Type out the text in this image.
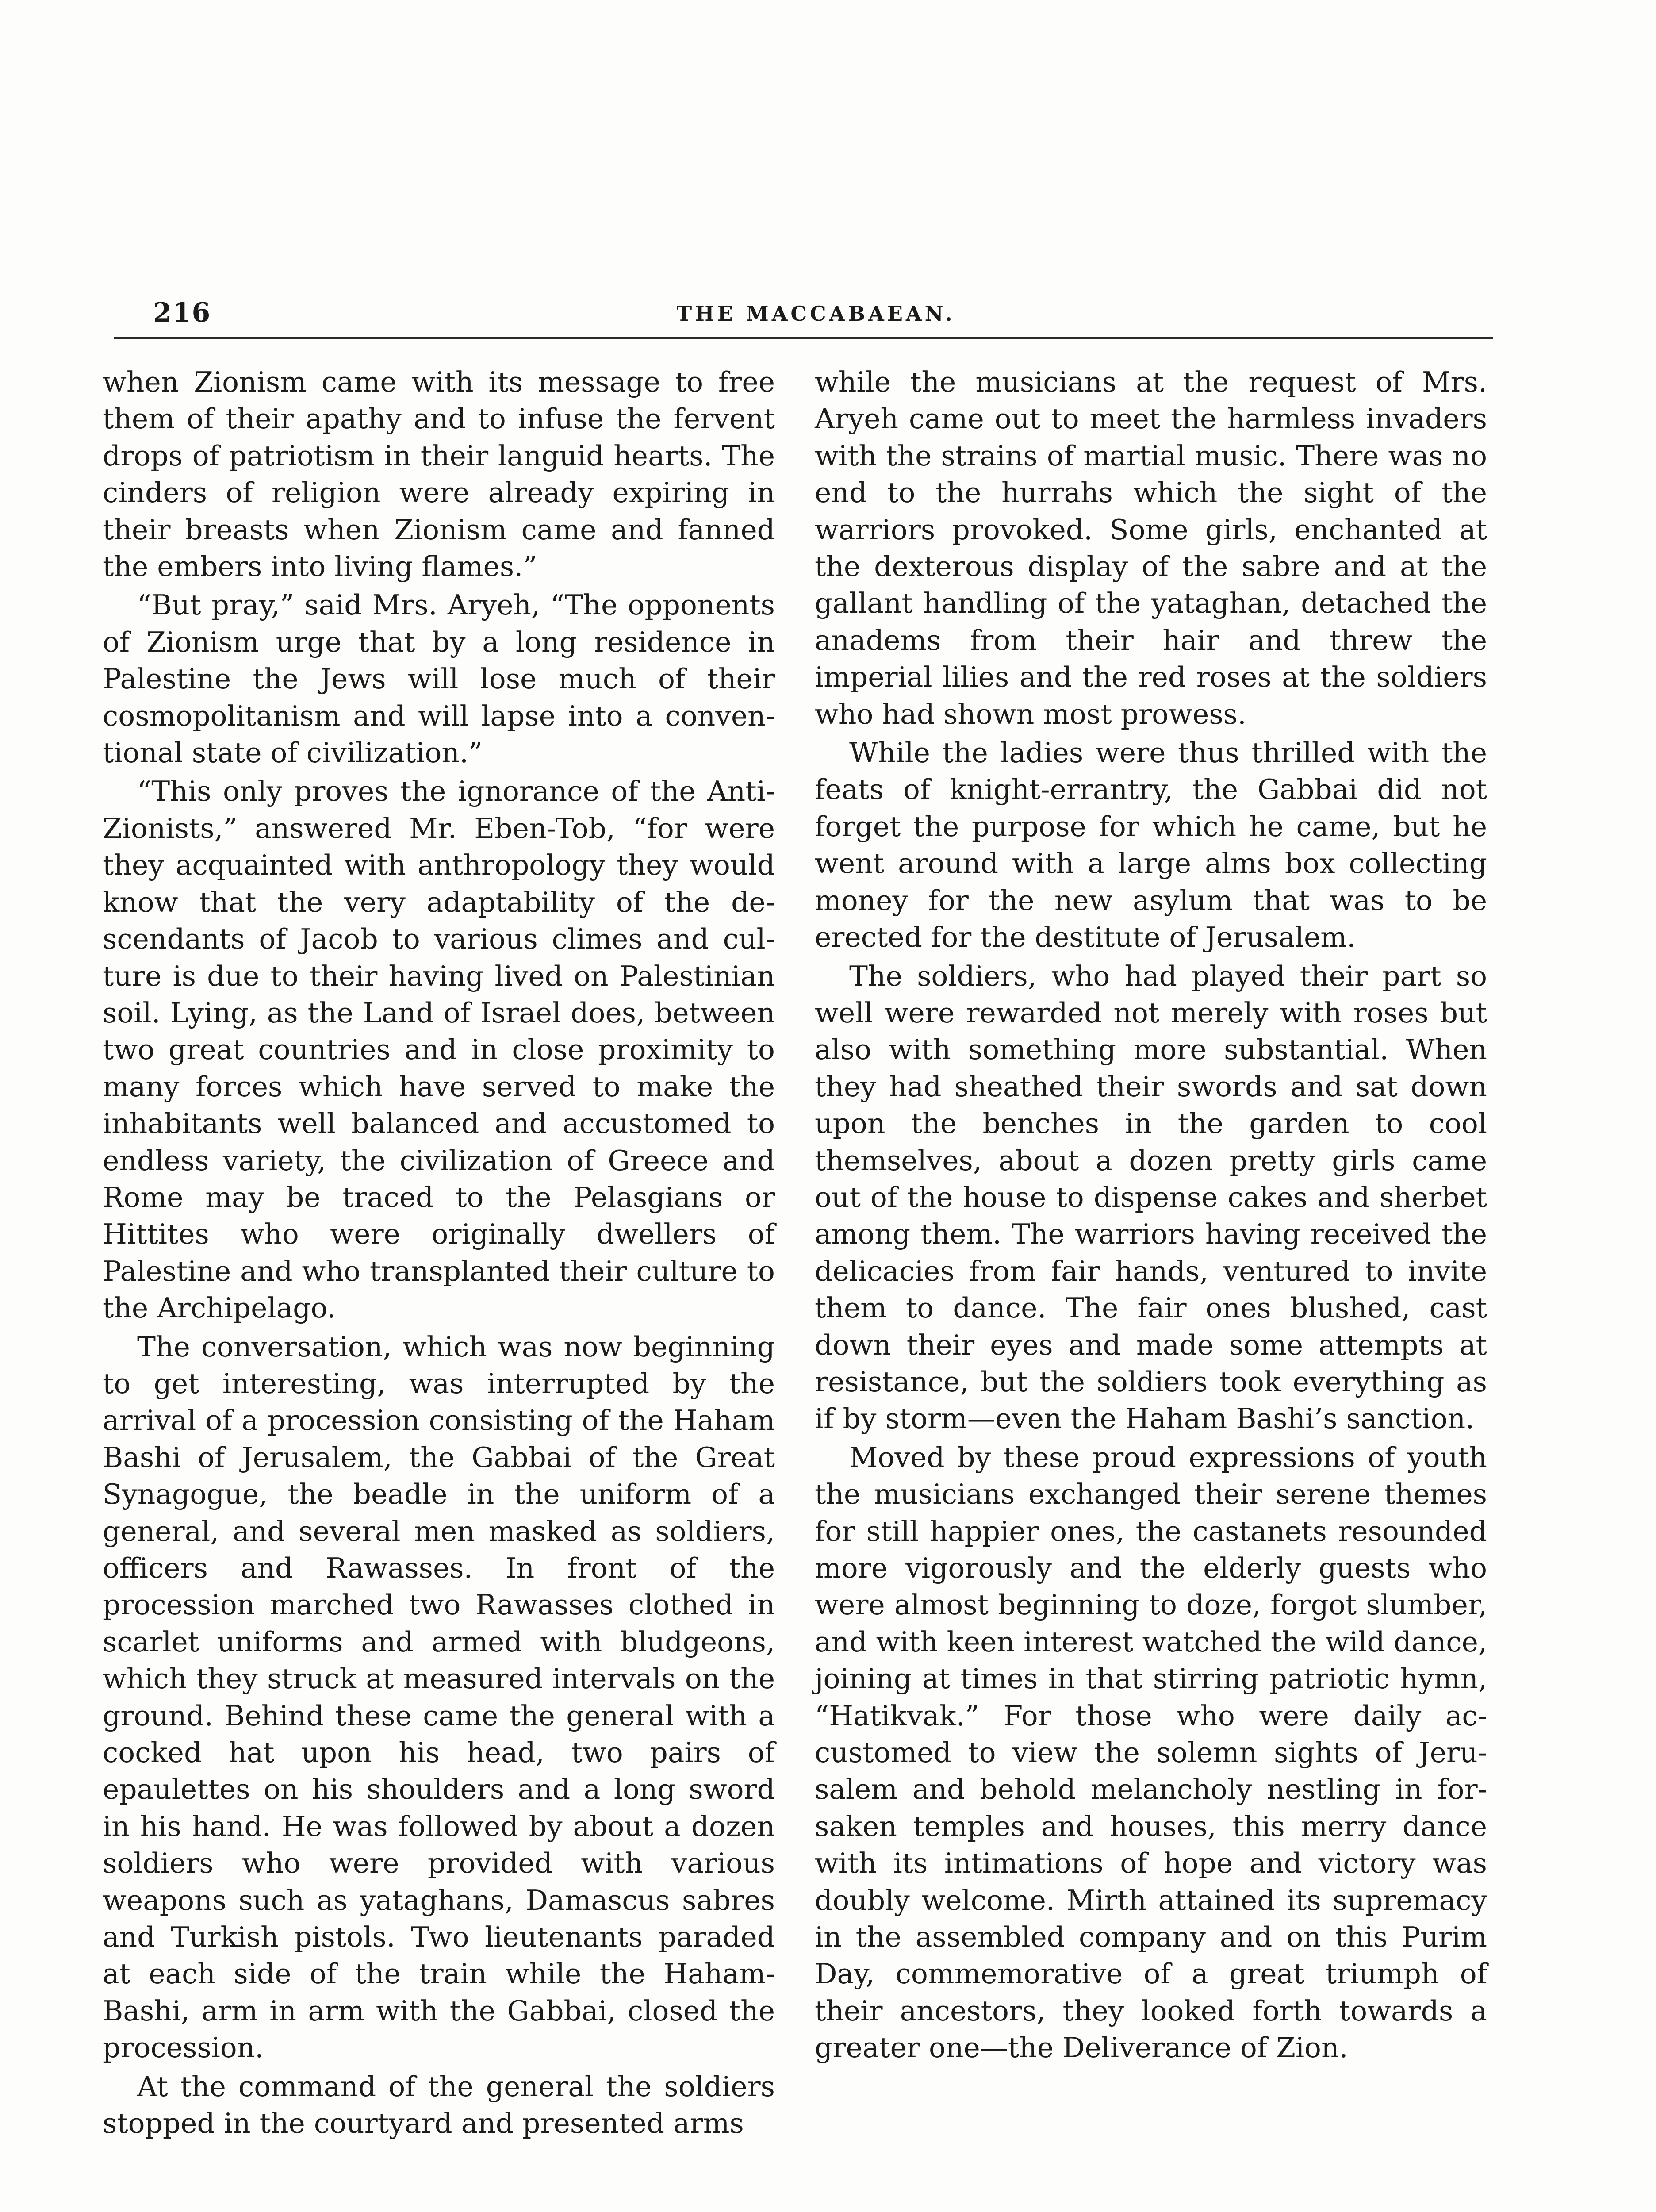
216	THE MACCABAEAN.

when Zionism came with its message to free them of their apathy and to infuse the fervent drops of patriotism in their languid hearts. The cinders of religion were already expiring in their breasts when Zionism came and fanned the embers into living flames.”

“But pray,” said Mrs. Aryeh, “The opponents of Zionism urge that by a long residence in Palestine the Jews will lose much of their cosmopolitanism and will lapse into a conventional state of civilization.”

“This only proves the ignorance of the Anti-Zionists,” answered Mr. Eben-Tob, “for were they acquainted with anthropology they would know that the very adaptability of the descendants of Jacob to various climes and culture is due to their having lived on Palestinian soil. Lying, as the Land of Israel does, between two great countries and in close proximity to many forces which have served to make the inhabitants well balanced and accustomed to endless variety, the civilization of Greece and Rome may be traced to the Pelasgians or Hittites who were originally dwellers of Palestine and who transplanted their culture to the Archipelago.

The conversation, which was now beginning to get interesting, was interrupted by the arrival of a procession consisting of the Haham Bashi of Jerusalem, the Gabbai of the Great Synagogue, the beadle in the uniform of a general, and several men masked as soldiers, officers and Rawasses. In front of the procession marched two Rawasses clothed in scarlet uniforms and armed with bludgeons, which they struck at measured intervals on the ground. Behind these came the general with a cocked hat upon his head, two pairs of epaulettes on his shoulders and a long sword in his hand. He was followed by about a dozen soldiers who were provided with various weapons such as yataghans, Damascus sabres and Turkish pistols. Two lieutenants paraded at each side of the train while the Haham-Bashi, arm in arm with the Gabbai, closed the procession.

At the command of the general the soldiers stopped in the courtyard and presented arms

while the musicians at the request of Mrs. Aryeh came out to meet the harmless invaders with the strains of martial music. There was no end to the hurrahs which the sight of the warriors provoked. Some girls, enchanted at the dexterous display of the sabre and at the gallant handling of the yataghan, detached the anadems from their hair and threw the imperial lilies and the red roses at the soldiers who had shown most prowess.

While the ladies were thus thrilled with the feats of knight-errantry, the Gabbai did not forget the purpose for which he came, but he went around with a large alms box collecting money for the new asylum that was to be erected for the destitute of Jerusalem.

The soldiers, who had played their part so well were rewarded not merely with roses but also with something more substantial. When they had sheathed their swords and sat down upon the benches in the garden to cool themselves, about a dozen pretty girls came out of the house to dispense cakes and sherbet among them. The warriors having received the delicacies from fair hands, ventured to invite them to dance. The fair ones blushed, cast down their eyes and made some attempts at resistance, but the soldiers took everything as if by storm—even the Haham Bashi’s sanction.

Moved by these proud expressions of youth the musicians exchanged their serene themes for still happier ones, the castanets resounded more vigorously and the elderly guests who were almost beginning to doze, forgot slumber, and with keen interest watched the wild dance, joining at times in that stirring patriotic hymn, “Hatikvak.” For those who were daily accustomed to view the solemn sights of Jerusalem and behold melancholy nestling in forsaken temples and houses, this merry dance with its intimations of hope and victory was doubly welcome. Mirth attained its supremacy in the assembled company and on this Purim Day, commemorative of a great triumph of their ancestors, they looked forth towards a greater one—the Deliverance of Zion.
